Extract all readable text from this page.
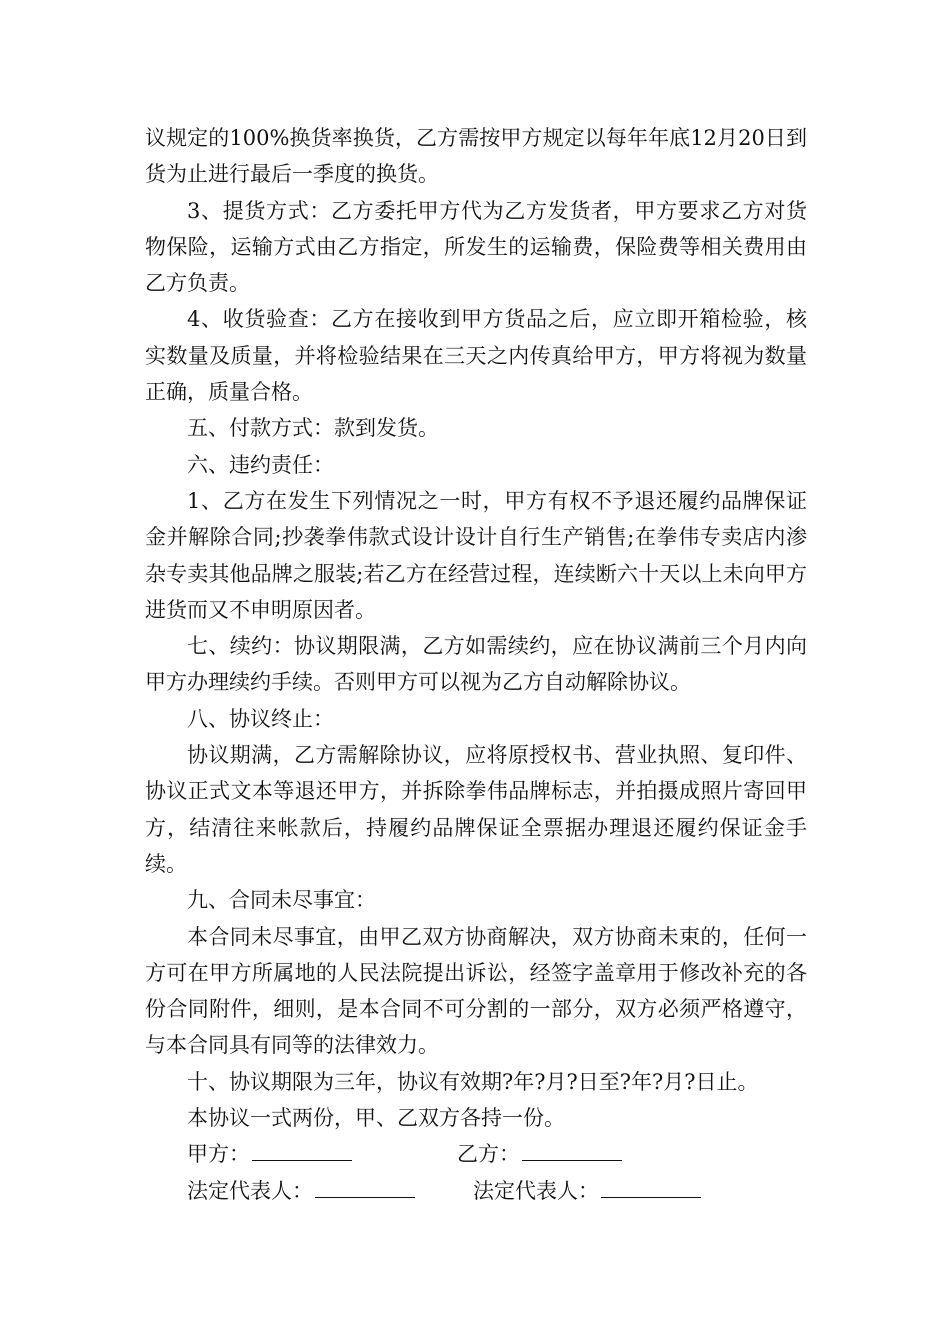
议规定的100%换货率换货，乙方需按甲方规定以每年年底12月20日到货为止进行最后一季度的换货。

3、提货方式：乙方委托甲方代为乙方发货者，甲方要求乙方对货物保险，运输方式由乙方指定，所发生的运输费，保险费等相关费用由乙方负责。

4、收货验查：乙方在接收到甲方货品之后，应立即开箱检验，核实数量及质量，并将检验结果在三天之内传真给甲方，甲方将视为数量正确，质量合格。

五、付款方式：款到发货。

六、违约责任：

1、乙方在发生下列情况之一时，甲方有权不予退还履约品牌保证金并解除合同;抄袭拳伟款式设计设计自行生产销售;在拳伟专卖店内渗杂专卖其他品牌之服装;若乙方在经营过程，连续断六十天以上未向甲方进货而又不申明原因者。

七、续约：协议期限满，乙方如需续约，应在协议满前三个月内向甲方办理续约手续。否则甲方可以视为乙方自动解除协议。

八、协议终止：

协议期满，乙方需解除协议，应将原授权书、营业执照、复印件、协议正式文本等退还甲方，并拆除拳伟品牌标志，并拍摄成照片寄回甲方，结清往来帐款后，持履约品牌保证全票据办理退还履约保证金手续。

九、合同未尽事宜：

本合同未尽事宜，由甲乙双方协商解决，双方协商未束的，任何一方可在甲方所属地的人民法院提出诉讼，经签字盖章用于修改补充的各份合同附件，细则，是本合同不可分割的一部分，双方必须严格遵守，与本合同具有同等的法律效力。

十、协议期限为三年，协议有效期?年?月?日至?年?月?日止。

本协议一式两份，甲、乙双方各持一份。

甲方：	乙方：
法定代表人：	法定代表人：
